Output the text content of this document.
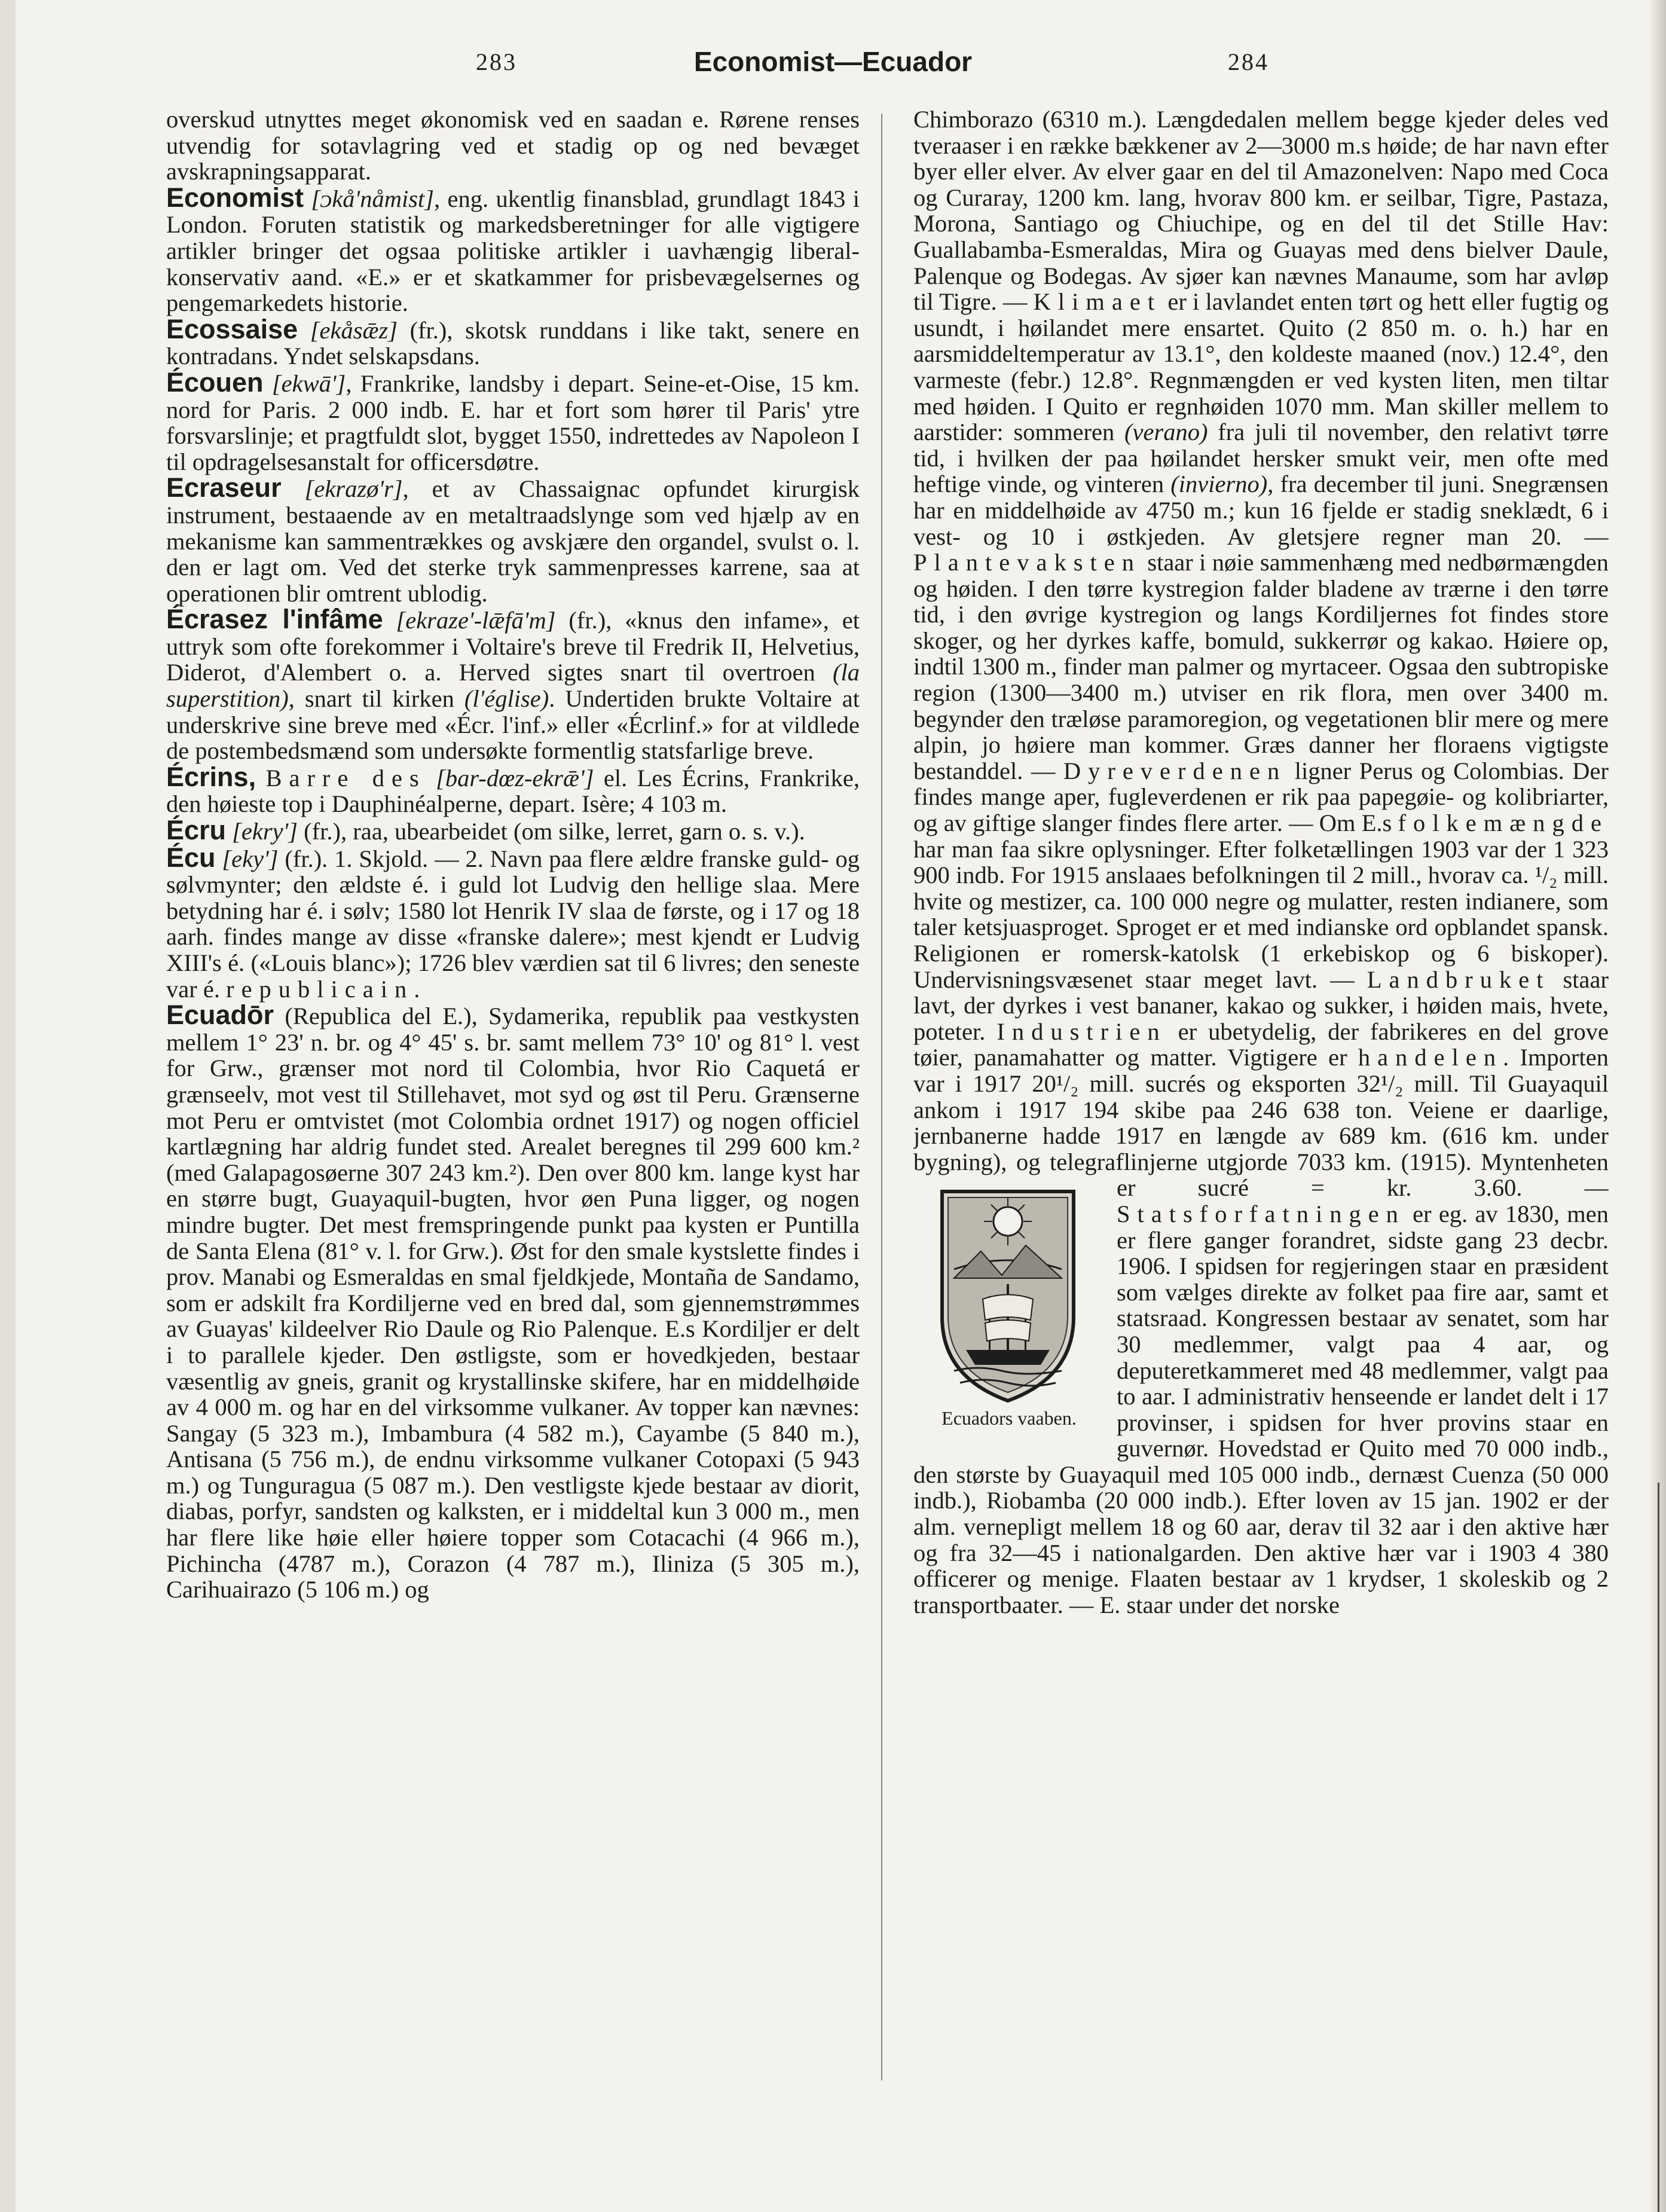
283	Economist—Ecuador	284

overskud utnyttes meget økonomisk ved en saadan e. Rørene renses utvendig for sotavlagring ved et stadig op og ned bevæget avskrapningsapparat.

Economist [ᴐkå'nåmist], eng. ukentlig finansblad, grundlagt 1843 i London. Foruten statistik og markedsberetninger for alle vigtigere artikler bringer det ogsaa politiske artikler i uavhængig liberal-konservativ aand. «E.» er et skatkammer for prisbevægelsernes og pengemarkedets historie.

Ecossaise [ekåsǣz] (fr.), skotsk runddans i like takt, senere en kontradans. Yndet selskapsdans.

Écouen [ekwā'], Frankrike, landsby i depart. Seine-et-Oise, 15 km. nord for Paris. 2 000 indb. E. har et fort som hører til Paris' ytre forsvarslinje; et pragtfuldt slot, bygget 1550, indrettedes av Napoleon I til opdragelsesanstalt for officersdøtre.

Ecraseur [ekrazø'r], et av Chassaignac opfundet kirurgisk instrument, bestaaende av en metaltraadslynge som ved hjælp av en mekanisme kan sammentrækkes og avskjære den organdel, svulst o. l. den er lagt om. Ved det sterke tryk sammenpresses karrene, saa at operationen blir omtrent ublodig.

Écrasez l'infâme [ekraze'-lǣfā'm] (fr.), «knus den infame», et uttryk som ofte forekommer i Voltaire's breve til Fredrik II, Helvetius, Diderot, d'Alembert o. a. Herved sigtes snart til overtroen (la superstition), snart til kirken (l'église). Undertiden brukte Voltaire at underskrive sine breve med «Écr. l'inf.» eller «Écrlinf.» for at vildlede de postembedsmænd som undersøkte formentlig statsfarlige breve.

Écrins, Barre des [bar-dœz-ekrǣ'] el. Les Écrins, Frankrike, den høieste top i Dauphinéalperne, depart. Isère; 4 103 m.

Écru [ekry'] (fr.), raa, ubearbeidet (om silke, lerret, garn o. s. v.).

Écu [eky'] (fr.). 1. Skjold. — 2. Navn paa flere ældre franske guld- og sølvmynter; den ældste é. i guld lot Ludvig den hellige slaa. Mere betydning har é. i sølv; 1580 lot Henrik IV slaa de første, og i 17 og 18 aarh. findes mange av disse «franske dalere»; mest kjendt er Ludvig XIII's é. («Louis blanc»); 1726 blev værdien sat til 6 livres; den seneste var é. republicain.

Ecuadōr (Republica del E.), Sydamerika, republik paa vestkysten mellem 1° 23' n. br. og 4° 45' s. br. samt mellem 73° 10' og 81° l. vest for Grw., grænser mot nord til Colombia, hvor Rio Caquetá er grænseelv, mot vest til Stillehavet, mot syd og øst til Peru. Grænserne mot Peru er omtvistet (mot Colombia ordnet 1917) og nogen officiel kartlægning har aldrig fundet sted. Arealet beregnes til 299 600 km.² (med Galapagosøerne 307 243 km.²). Den over 800 km. lange kyst har en større bugt, Guayaquil-bugten, hvor øen Puna ligger, og nogen mindre bugter. Det mest fremspringende punkt paa kysten er Puntilla de Santa Elena (81° v. l. for Grw.). Øst for den smale kystslette findes i prov. Manabi og Esmeraldas en smal fjeldkjede, Montaña de Sandamo, som er adskilt fra Kordiljerne ved en bred dal, som gjennemstrømmes av Guayas' kildeelver Rio Daule og Rio Palenque. E.s Kordiljer er delt i to parallele kjeder. Den østligste, som er hovedkjeden, bestaar væsentlig av gneis, granit og krystallinske skifere, har en middelhøide av 4 000 m. og har en del virksomme vulkaner. Av topper kan nævnes: Sangay (5 323 m.), Imbambura (4 582 m.), Cayambe (5 840 m.), Antisana (5 756 m.), de endnu virksomme vulkaner Cotopaxi (5 943 m.) og Tunguragua (5 087 m.). Den vestligste kjede bestaar av diorit, diabas, porfyr, sandsten og kalksten, er i middeltal kun 3 000 m., men har flere like høie eller høiere topper som Cotacachi (4 966 m.), Pichincha (4787 m.), Corazon (4 787 m.), Iliniza (5 305 m.), Carihuairazo (5 106 m.) og

Chimborazo (6310 m.). Længdedalen mellem begge kjeder deles ved tveraaser i en række bækkener av 2—3000 m.s høide; de har navn efter byer eller elver. Av elver gaar en del til Amazonelven: Napo med Coca og Curaray, 1200 km. lang, hvorav 800 km. er seilbar, Tigre, Pastaza, Morona, Santiago og Chiuchipe, og en del til det Stille Hav: Guallabamba-Esmeraldas, Mira og Guayas med dens bielver Daule, Palenque og Bodegas. Av sjøer kan nævnes Manaume, som har avløp til Tigre. — Klimaet er i lavlandet enten tørt og hett eller fugtig og usundt, i høilandet mere ensartet. Quito (2 850 m. o. h.) har en aarsmiddeltemperatur av 13.1°, den koldeste maaned (nov.) 12.4°, den varmeste (febr.) 12.8°. Regnmængden er ved kysten liten, men tiltar med høiden. I Quito er regnhøiden 1070 mm. Man skiller mellem to aarstider: sommeren (verano) fra juli til november, den relativt tørre tid, i hvilken der paa høilandet hersker smukt veir, men ofte med heftige vinde, og vinteren (invierno), fra december til juni. Snegrænsen har en middelhøide av 4750 m.; kun 16 fjelde er stadig sneklædt, 6 i vest- og 10 i østkjeden. Av gletsjere regner man 20. — Plantevaksten staar i nøie sammenhæng med nedbørmængden og høiden. I den tørre kystregion falder bladene av trærne i den tørre tid, i den øvrige kystregion og langs Kordiljernes fot findes store skoger, og her dyrkes kaffe, bomuld, sukkerrør og kakao. Høiere op, indtil 1300 m., finder man palmer og myrtaceer. Ogsaa den subtropiske region (1300—3400 m.) utviser en rik flora, men over 3400 m. begynder den træløse paramoregion, og vegetationen blir mere og mere alpin, jo høiere man kommer. Græs danner her floraens vigtigste bestanddel. — Dyreverdenen ligner Perus og Colombias. Der findes mange aper, fugleverdenen er rik paa papegøie- og kolibriarter, og av giftige slanger findes flere arter. — Om E.s folkemængde har man faa sikre oplysninger. Efter folketællingen 1903 var der 1 323 900 indb. For 1915 anslaaes befolkningen til 2 mill., hvorav ca. ¹/₂ mill. hvite og mestizer, ca. 100 000 negre og mulatter, resten indianere, som taler ketsjuasproget. Sproget er et med indianske ord opblandet spansk. Religionen er romersk-katolsk (1 erkebiskop og 6 biskoper). Undervisningsvæsenet staar meget lavt. — Landbruket staar lavt, der dyrkes i vest bananer, kakao og sukker, i høiden mais, hvete, poteter. Industrien er ubetydelig, der fabrikeres en del grove tøier, panamahatter og matter. Vigtigere er handelen. Importen var i 1917 20¹/₂ mill. sucrés og eksporten 32¹/₂ mill. Til Guayaquil ankom i 1917 194 skibe paa 246 638 ton. Veiene er daarlige, jernbanerne hadde 1917 en længde av 689 km. (616 km. under bygning), og telegraflinjerne utgjorde 7033 km. (1915). Myntenheten er sucré = kr. 3.60. —
Ecuadors vaaben.
Statsforfatningen er eg. av 1830, men er flere ganger forandret, sidste gang 23 decbr. 1906. I spidsen for regjeringen staar en præsident som vælges direkte av folket paa fire aar, samt et statsraad. Kongressen bestaar av senatet, som har 30 medlemmer, valgt paa 4 aar, og deputeretkammeret med 48 medlemmer, valgt paa to aar. I administrativ henseende er landet delt i 17 provinser, i spidsen for hver provins staar en guvernør. Hovedstad er Quito med 70 000 indb., den største by Guayaquil med 105 000 indb., dernæst Cuenza (50 000 indb.), Riobamba (20 000 indb.). Efter loven av 15 jan. 1902 er der alm. vernepligt mellem 18 og 60 aar, derav til 32 aar i den aktive hær og fra 32—45 i nationalgarden. Den aktive hær var i 1903 4 380 officerer og menige. Flaaten bestaar av 1 krydser, 1 skoleskib og 2 transportbaater. — E. staar under det norske
